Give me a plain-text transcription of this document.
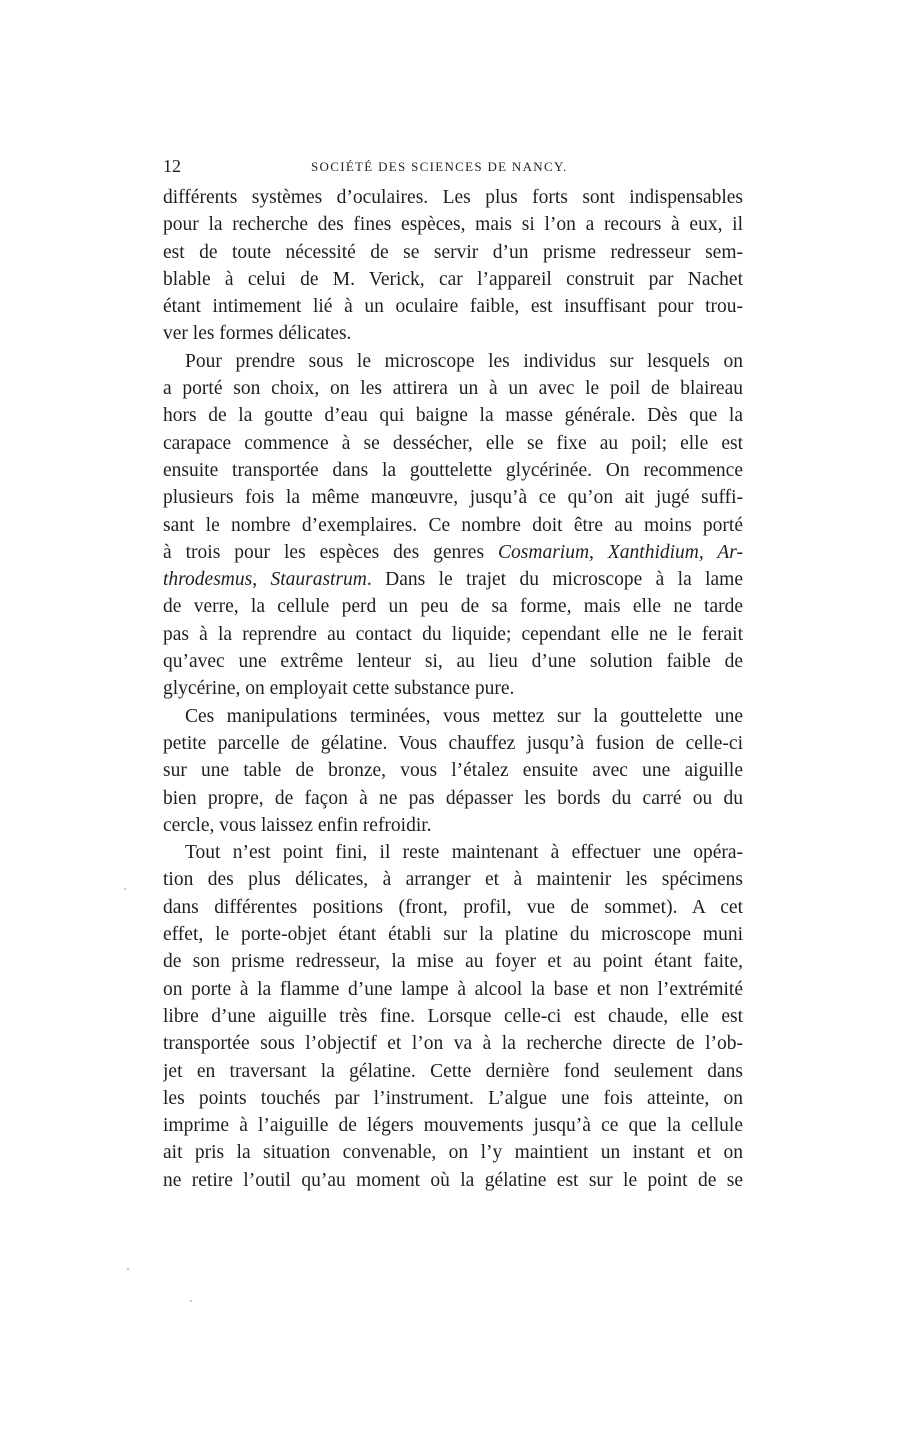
12	SOCIÉTÉ DES SCIENCES DE NANCY.
différents systèmes d’oculaires. Les plus forts sont indispensables
pour la recherche des fines espèces, mais si l’on a recours à eux, il
est de toute nécessité de se servir d’un prisme redresseur sem-
blable à celui de M. Verick, car l’appareil construit par Nachet
étant intimement lié à un oculaire faible, est insuffisant pour trou-
ver les formes délicates.
Pour prendre sous le microscope les individus sur lesquels on
a porté son choix, on les attirera un à un avec le poil de blaireau
hors de la goutte d’eau qui baigne la masse générale. Dès que la
carapace commence à se dessécher, elle se fixe au poil; elle est
ensuite transportée dans la gouttelette glycérinée. On recommence
plusieurs fois la même manœuvre, jusqu’à ce qu’on ait jugé suffi-
sant le nombre d’exemplaires. Ce nombre doit être au moins porté
à trois pour les espèces des genres Cosmarium, Xanthidium, Ar-
throdesmus, Staurastrum. Dans le trajet du microscope à la lame
de verre, la cellule perd un peu de sa forme, mais elle ne tarde
pas à la reprendre au contact du liquide; cependant elle ne le ferait
qu’avec une extrême lenteur si, au lieu d’une solution faible de
glycérine, on employait cette substance pure.
Ces manipulations terminées, vous mettez sur la gouttelette une
petite parcelle de gélatine. Vous chauffez jusqu’à fusion de celle-ci
sur une table de bronze, vous l’étalez ensuite avec une aiguille
bien propre, de façon à ne pas dépasser les bords du carré ou du
cercle, vous laissez enfin refroidir.
Tout n’est point fini, il reste maintenant à effectuer une opéra-
tion des plus délicates, à arranger et à maintenir les spécimens
dans différentes positions (front, profil, vue de sommet). A cet
effet, le porte-objet étant établi sur la platine du microscope muni
de son prisme redresseur, la mise au foyer et au point étant faite,
on porte à la flamme d’une lampe à alcool la base et non l’extrémité
libre d’une aiguille très fine. Lorsque celle-ci est chaude, elle est
transportée sous l’objectif et l’on va à la recherche directe de l’ob-
jet en traversant la gélatine. Cette dernière fond seulement dans
les points touchés par l’instrument. L’algue une fois atteinte, on
imprime à l’aiguille de légers mouvements jusqu’à ce que la cellule
ait pris la situation convenable, on l’y maintient un instant et on
ne retire l’outil qu’au moment où la gélatine est sur le point de se
